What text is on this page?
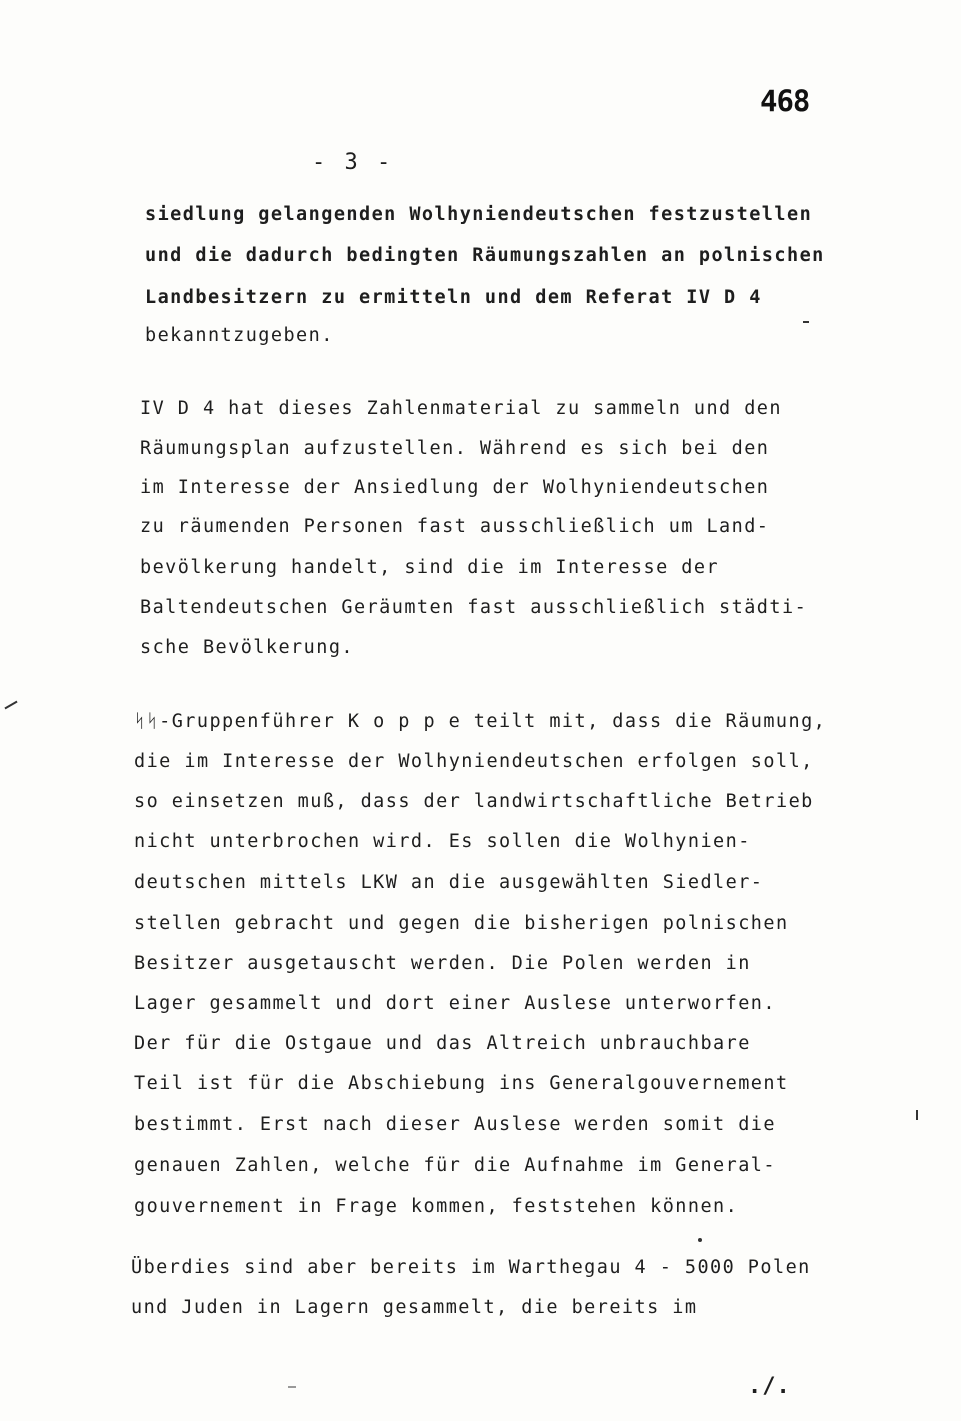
468
- 3 -
siedlung gelangenden Wolhyniendeutschen festzustellen
und die dadurch bedingten Räumungszahlen an polnischen
Landbesitzern zu ermitteln und dem Referat IV D 4
bekanntzugeben.
IV D 4 hat dieses Zahlenmaterial zu sammeln und den
Räumungsplan aufzustellen. Während es sich bei den
im Interesse der Ansiedlung der Wolhyniendeutschen
zu räumenden Personen fast ausschließlich um Land-
bevölkerung handelt, sind die im Interesse der
Baltendeutschen Geräumten fast ausschließlich städti-
sche Bevölkerung.
ᛋᛋ-Gruppenführer K o p p e teilt mit, dass die Räumung,
die im Interesse der Wolhyniendeutschen erfolgen soll,
so einsetzen muß, dass der landwirtschaftliche Betrieb
nicht unterbrochen wird. Es sollen die Wolhynien-
deutschen mittels LKW an die ausgewählten Siedler-
stellen gebracht und gegen die bisherigen polnischen
Besitzer ausgetauscht werden. Die Polen werden in
Lager gesammelt und dort einer Auslese unterworfen.
Der für die Ostgaue und das Altreich unbrauchbare
Teil ist für die Abschiebung ins Generalgouvernement
bestimmt. Erst nach dieser Auslese werden somit die
genauen Zahlen, welche für die Aufnahme im General-
gouvernement in Frage kommen, feststehen können.
Überdies sind aber bereits im Warthegau 4 - 5000 Polen
und Juden in Lagern gesammelt, die bereits im
./.
